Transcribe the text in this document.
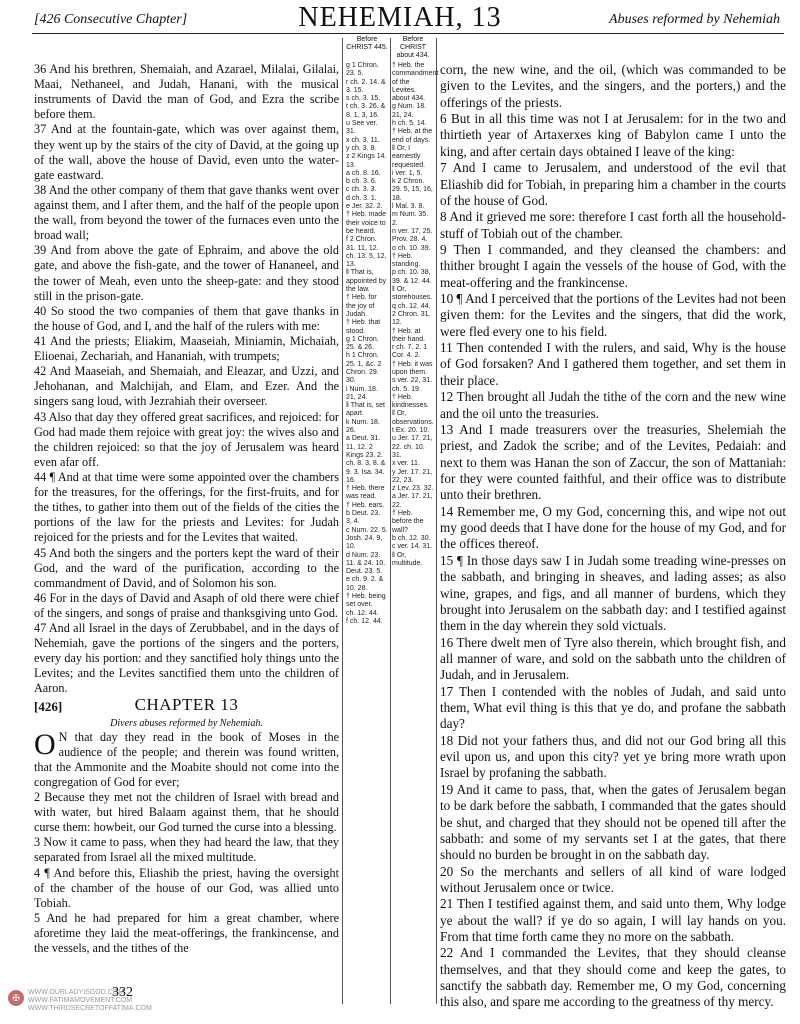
[426 Consecutive Chapter]	NEHEMIAH, 13	Abuses reformed by Nehemiah
Before CHRIST 445.
Before CHRIST about 434.

36 And his brethren, Shemaiah, and Azarael, Milalai, Gilalai, Maai, Nethaneel, and Judah, Hanani, with the musical instruments of David the man of God, and Ezra the scribe before them.

37 And at the fountain-gate, which was over against them, they went up by the stairs of the city of David, at the going up of the wall, above the house of David, even unto the water-gate eastward.

38 And the other company of them that gave thanks went over against them, and I after them, and the half of the people upon the wall, from beyond the tower of the furnaces even unto the broad wall;

39 And from above the gate of Ephraim, and above the old gate, and above the fish-gate, and the tower of Hananeel, and the tower of Meah, even unto the sheep-gate: and they stood still in the prison-gate.

40 So stood the two companies of them that gave thanks in the house of God, and I, and the half of the rulers with me:

41 And the priests; Eliakim, Maaseiah, Miniamin, Michaiah, Elioenai, Zechariah, and Hananiah, with trumpets;

42 And Maaseiah, and Shemaiah, and Eleazar, and Uzzi, and Jehohanan, and Malchijah, and Elam, and Ezer. And the singers sang loud, with Jezrahiah their overseer.

43 Also that day they offered great sacrifices, and rejoiced: for God had made them rejoice with great joy: the wives also and the children rejoiced: so that the joy of Jerusalem was heard even afar off.

44 ¶ And at that time were some appointed over the chambers for the treasures, for the offerings, for the first-fruits, and for the tithes, to gather into them out of the fields of the cities the portions of the law for the priests and Levites: for Judah rejoiced for the priests and for the Levites that waited.

45 And both the singers and the porters kept the ward of their God, and the ward of the purification, according to the commandment of David, and of Solomon his son.

46 For in the days of David and Asaph of old there were chief of the singers, and songs of praise and thanksgiving unto God.

47 And all Israel in the days of Zerubbabel, and in the days of Nehemiah, gave the portions of the singers and the porters, every day his portion: and they sanctified holy things unto the Levites; and the Levites sanctified them unto the children of Aaron.

[426]	CHAPTER 13
Divers abuses reformed by Nehemiah.

O N that day they read in the book of Moses in the audience of the people; and therein was found written, that the Ammonite and the Moabite should not come into the congregation of God for ever;

2 Because they met not the children of Israel with bread and with water, but hired Balaam against them, that he should curse them: howbeit, our God turned the curse into a blessing.

3 Now it came to pass, when they had heard the law, that they separated from Israel all the mixed multitude.

4 ¶ And before this, Eliashib the priest, having the oversight of the chamber of the house of our God, was allied unto Tobiah.

5 And he had prepared for him a great chamber, where aforetime they laid the meat-offerings, the frankincense, and the vessels, and the tithes of the

g 1 Chron. 23. 5.

r ch. 2. 14. & 3. 15.

s ch. 3. 15.

t ch. 3. 26. & 8. 1, 3, 16.

u See ver. 31.

x ch. 3. 11.

y ch. 3. 8.

z 2 Kings 14. 13.

a ch. 8. 16.

b ch. 3. 6.

c ch. 3. 3.

d ch. 3. 1.

e Jer. 32. 2.

† Heb. made their voice to be heard.

f 2 Chron. 31. 11, 12. ch. 13. 5, 12, 13.

‖ That is, appointed by the law.

† Heb. for the joy of Judah.

† Heb. that stood.

g 1 Chron. 25. & 26.

h 1 Chron. 25. 1, &c. 2 Chron. 29. 30.

i Num. 18. 21, 24.

‖ That is, set apart.

k Num. 18. 26.

a Deut. 31. 11, 12. 2 Kings 23. 2. ch. 8. 3, 8. & 9. 3. Isa. 34. 16.

† Heb. there was read.

† Heb. ears.

b Deut. 23. 3, 4.

c Num. 22. 5. Josh. 24. 9, 10.

d Num. 23. 11. & 24. 10. Deut. 23. 5.

e ch. 9. 2. & 10. 28.

† Heb. being set over.

ch. 12. 44.

f ch. 12. 44.

† Heb. the commandment of the Levites.

about 434.

g Num. 18. 21, 24.

h ch. 5. 14.

† Heb. at the end of days.

‖ Or, I earnestly requested.

i ver. 1, 5.

k 2 Chron. 29. 5, 15, 16, 18.

l Mal. 3. 8.

m Num. 35. 2.

n ver. 17, 25. Prov. 28. 4.

o ch. 10. 39.

† Heb. standing.

p ch. 10. 38, 39. & 12. 44.

‖ Or, storehouses.

q ch. 12. 44. 2 Chron. 31. 12.

† Heb. at their hand.

r ch. 7. 2. 1 Cor. 4. 2.

† Heb. it was upon them.

s ver. 22, 31. ch. 5. 19.

† Heb. kindnesses.

‖ Or, observations.

t Ex. 20. 10.

u Jer. 17. 21, 22. ch. 10. 31.

x ver. 11.

y Jer. 17. 21, 22, 23.

z Lev. 23. 32.

a Jer. 17. 21, 22.

† Heb. before the wall?

b ch. 12. 30.

c ver. 14. 31.

‖ Or, multitude.

corn, the new wine, and the oil, (which was commanded to be given to the Levites, and the singers, and the porters,) and the offerings of the priests.

6 But in all this time was not I at Jerusalem: for in the two and thirtieth year of Artaxerxes king of Babylon came I unto the king, and after certain days obtained I leave of the king:

7 And I came to Jerusalem, and understood of the evil that Eliashib did for Tobiah, in preparing him a chamber in the courts of the house of God.

8 And it grieved me sore: therefore I cast forth all the household-stuff of Tobiah out of the chamber.

9 Then I commanded, and they cleansed the chambers: and thither brought I again the vessels of the house of God, with the meat-offering and the frankincense.

10 ¶ And I perceived that the portions of the Levites had not been given them: for the Levites and the singers, that did the work, were fled every one to his field.

11 Then contended I with the rulers, and said, Why is the house of God forsaken? And I gathered them together, and set them in their place.

12 Then brought all Judah the tithe of the corn and the new wine and the oil unto the treasuries.

13 And I made treasurers over the treasuries, Shelemiah the priest, and Zadok the scribe; and of the Levites, Pedaiah: and next to them was Hanan the son of Zaccur, the son of Mattaniah: for they were counted faithful, and their office was to distribute unto their brethren.

14 Remember me, O my God, concerning this, and wipe not out my good deeds that I have done for the house of my God, and for the offices thereof.

15 ¶ In those days saw I in Judah some treading wine-presses on the sabbath, and bringing in sheaves, and lading asses; as also wine, grapes, and figs, and all manner of burdens, which they brought into Jerusalem on the sabbath day: and I testified against them in the day wherein they sold victuals.

16 There dwelt men of Tyre also therein, which brought fish, and all manner of ware, and sold on the sabbath unto the children of Judah, and in Jerusalem.

17 Then I contended with the nobles of Judah, and said unto them, What evil thing is this that ye do, and profane the sabbath day?

18 Did not your fathers thus, and did not our God bring all this evil upon us, and upon this city? yet ye bring more wrath upon Israel by profaning the sabbath.

19 And it came to pass, that, when the gates of Jerusalem began to be dark before the sabbath, I commanded that the gates should be shut, and charged that they should not be opened till after the sabbath: and some of my servants set I at the gates, that there should no burden be brought in on the sabbath day.

20 So the merchants and sellers of all kind of ware lodged without Jerusalem once or twice.

21 Then I testified against them, and said unto them, Why lodge ye about the wall? if ye do so again, I will lay hands on you. From that time forth came they no more on the sabbath.

22 And I commanded the Levites, that they should cleanse themselves, and that they should come and keep the gates, to sanctify the sabbath day. Remember me, O my God, concerning this also, and spare me according to the greatness of thy mercy.

✠
WWW.OURLADYISGOD.COM
WWW.FATIMAMOVEMENT.COM
WWW.THIRDSECRETOFFATIMA.COM
332
